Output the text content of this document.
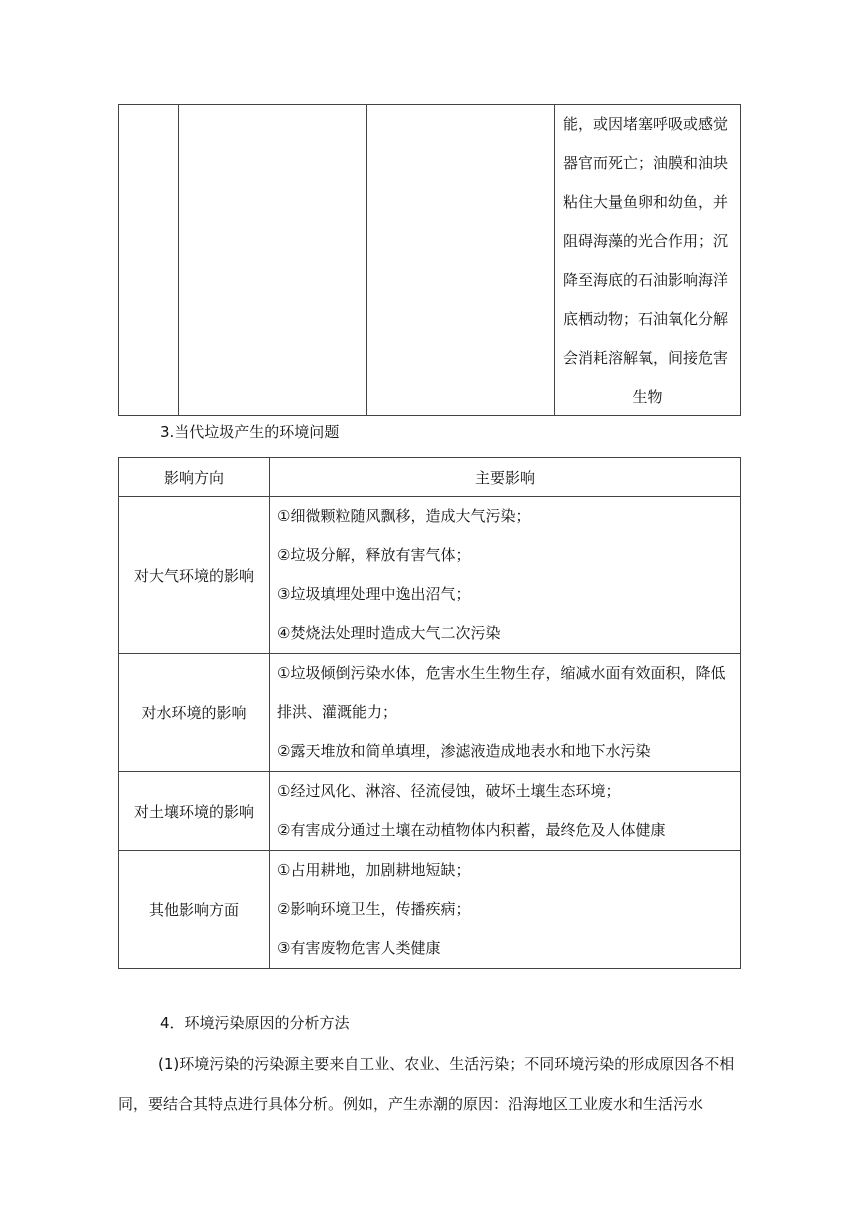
能，或因堵塞呼吸或感觉
器官而死亡；油膜和油块
粘住大量鱼卵和幼鱼，并
阻碍海藻的光合作用；沉
降至海底的石油影响海洋
底栖动物；石油氧化分解
会消耗溶解氧，间接危害
生物
3.当代垃圾产生的环境问题
影响方向	主要影响
对大气环境的影响	①细微颗粒随风飘移，造成大气污染；
②垃圾分解，释放有害气体；
③垃圾填埋处理中逸出沼气；
④焚烧法处理时造成大气二次污染

对水环境的影响	①垃圾倾倒污染水体，危害水生生物生存，缩减水面有效面积，降低排洪、灌溉能力；
②露天堆放和简单填埋，渗滤液造成地表水和地下水污染

对土壤环境的影响	①经过风化、淋溶、径流侵蚀，破坏土壤生态环境；
②有害成分通过土壤在动植物体内积蓄，最终危及人体健康

其他影响方面	①占用耕地，加剧耕地短缺；
②影响环境卫生，传播疾病；
③有害废物危害人类健康
4．环境污染原因的分析方法
(1)环境污染的污染源主要来自工业、农业、生活污染；不同环境污染的形成原因各不相同，要结合其特点进行具体分析。例如，产生赤潮的原因：沿海地区工业废水和生活污水
